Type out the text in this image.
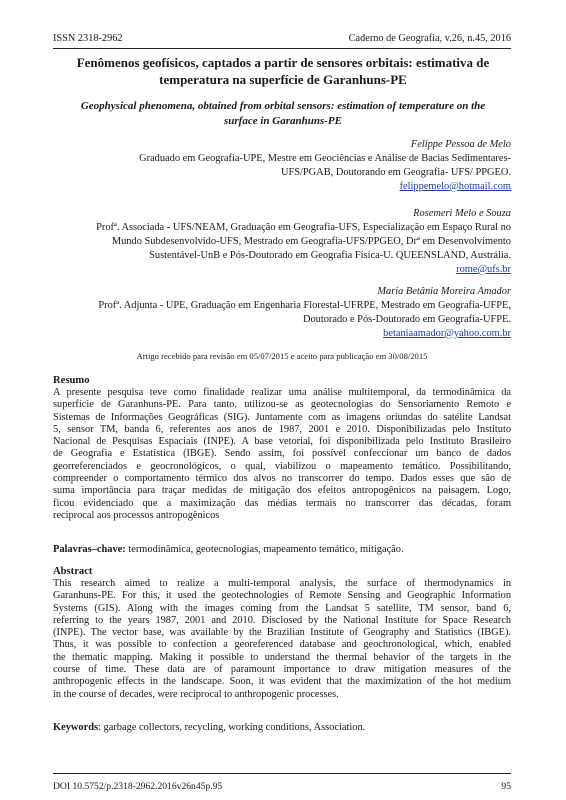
ISSN 2318-2962	Caderno de Geografia, v.26, n.45, 2016
Fenômenos geofísicos, captados a partir de sensores orbitais: estimativa de
temperatura na superfície de Garanhuns-PE
Geophysical phenomena, obtained from orbital sensors: estimation of temperature on the
surface in Garanhuns-PE
Felippe Pessoa de Melo
Graduado em Geografia-UPE, Mestre em Geociências e Análise de Bacias Sedimentares-
UFS/PGAB, Doutorando em Geografia- UFS/ PPGEO.
felippemelo@hotmail.com
Rosemeri Melo e Souza
Profª. Associada - UFS/NEAM, Graduação em Geografia-UFS, Especialização em Espaço Rural no
Mundo Subdesenvolvido-UFS, Mestrado em Geografia-UFS/PPGEO, Drª em Desenvolvimento
Sustentável-UnB e Pós-Doutorado em Geografia Física-U. QUEENSLAND, Austrália.
rome@ufs.br
Maria Betânia Moreira Amador
Profª. Adjunta - UPE, Graduação em Engenharia Florestal-UFRPE, Mestrado em Geografia-UFPE,
Doutorado e Pós-Doutorado em Geografia-UFPE.
betaniaamador@yahoo.com.br
Artigo recebido para revisão em 05/07/2015 e aceito para publicação em 30/08/2015
Resumo
A presente pesquisa teve como finalidade realizar uma análise multitemporal, da termodinâmica da
superfície de Garanhuns-PE. Para tanto, utilizou-se as geotecnologias do Sensoriamento Remoto e
Sistemas de Informações Geográficas (SIG). Juntamente com as imagens oriundas do satélite Landsat
5, sensor TM, banda 6, referentes aos anos de 1987, 2001 e 2010. Disponibilizadas pelo Instituto
Nacional de Pesquisas Espaciais (INPE). A base vetorial, foi disponibilizada pelo Instituto Brasileiro
de Geografia e Estatística (IBGE). Sendo assim, foi possível confeccionar um banco de dados
georreferenciados e geocronológicos, o qual, viabilizou o mapeamento temático. Possibilitando,
compreender o comportamento térmico dos alvos no transcorrer do tempo. Dados esses que são de
suma importância para traçar medidas de mitigação dos efeitos antropogênicos na paisagem. Logo,
ficou evidenciado que a maximização das médias termais no transcorrer das décadas, foram
reciprocal aos processos antropogênicos
Palavras–chave: termodinâmica, geotecnologias, mapeamento temático, mitigação.
Abstract
This research aimed to realize a multi-temporal analysis, the surface of thermodynamics in
Garanhuns-PE. For this, it used the geotechnologies of Remote Sensing and Geographic Information
Systems (GIS). Along with the images coming from the Landsat 5 satellite, TM sensor, band 6,
referring to the years 1987, 2001 and 2010. Disclosed by the National Institute for Space Research
(INPE). The vector base, was available by the Brazilian Institute of Geography and Statistics (IBGE).
Thus, it was possible to confection a georeferenced database and geochronological, which, enabled
the thematic mapping. Making it possible to understand the thermal behavior of the targets in the
course of time. These data are of paramount importance to draw mitigation measures of the
anthropogenic effects in the landscape. Soon, it was evident that the maximization of the hot medium
in the course of decades, were reciprocal to anthropogenic processes.
Keywords: garbage collectors, recycling, working conditions, Association.
DOI 10.5752/p.2318-2962.2016v26n45p.95	95
